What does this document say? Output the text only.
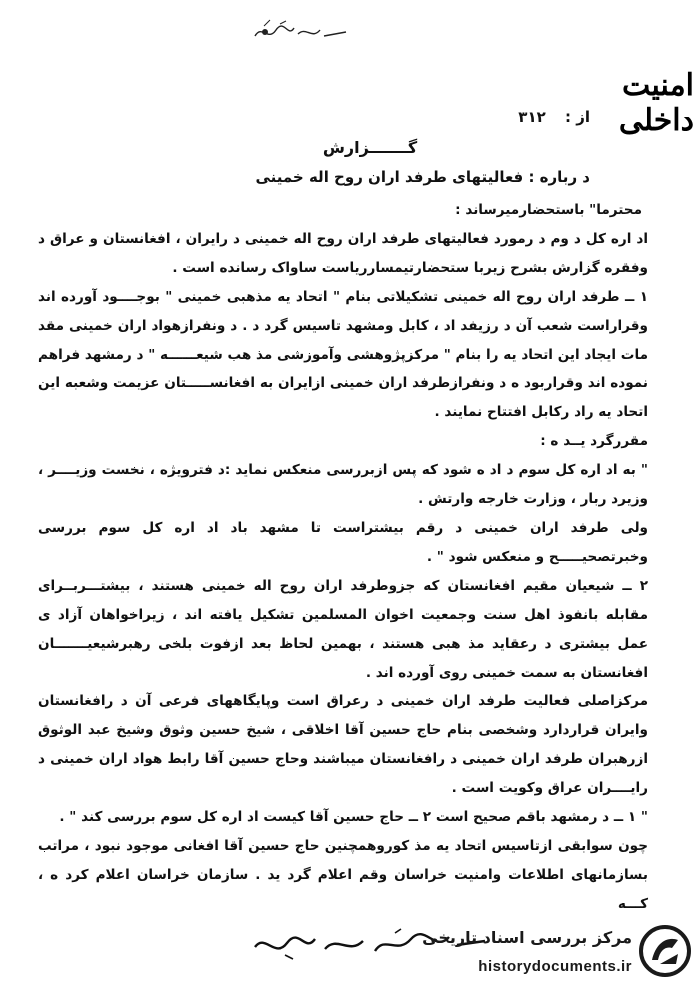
امنیت داخلی
از : ۳۱۲
گـــــــزارش
د رباره : فعالیتهای طرفد اران روح اله خمینی

محترما" باستحضارمیرساند :

اد اره کل د وم د رمورد فعالیتهای طرفد اران روح اله خمینی د رایران ، افغانستان و عراق د وفقره گزارش بشرح زیربا ستحضارتیمسارریاست ساواک رسانده است .

۱ ــ طرفد اران روح اله خمینی تشکیلاتی بنام " اتحاد یه مذهبی خمینی " بوجــــود آورده اند وقراراست شعب آن د رزیفد اد ، کابل ومشهد تاسیس گرد د . د ونفرازهواد اران خمینی مقد مات ایجاد این اتحاد یه را بنام " مرکزپژوهشی وآموزشی مذ هب شیعــــــه " د رمشهد فراهم نموده اند وقراربود ه د ونفرازطرفد اران خمینی ازایران به افغانســـــتان عزیمت وشعبه این اتحاد یه راد رکابل افتتاح نمایند .

مقررگرد یــد ه :

" به اد اره کل سوم د اد ه شود که پس ازبررسی منعکس نماید :د فترویژه ، نخست وزیــــر ، وزیرد ربار ، وزارت خارجه وارتش .

ولی طرفد اران خمینی د رقم بیشتراست تا مشهد باد اد اره کل سوم بررسی وخبرتصحیـــــح و منعکس شود " .

۲ ــ شیعیان مقیم افغانستان که جزوطرفد اران روح اله خمینی هستند ، بیشتـــربــرای مقابله بانفوذ اهل سنت وجمعیت اخوان المسلمین تشکیل یافته اند ، زیراخواهان آزاد ی عمل بیشتری د رعقاید مذ هبی هستند ، بهمین لحاظ بعد ازفوت بلخی رهبرشیعیـــــــان افغانستان به سمت خمینی روی آورده اند .

مرکزاصلی فعالیت طرفد اران خمینی د رعراق است وپایگاههای فرعی آن د رافغانستان وایران قراردارد وشخصی بنام حاج حسین آقا اخلاقی ، شیخ حسین وثوق وشیخ عبد الوثوق ازرهبران طرفد اران خمینی د رافغانستان میباشند وحاج حسین آقا رابط هواد اران خمینی د رایــــران عراق وکویت است .

" ۱ ــ د رمشهد باقم صحیح است ۲ ــ حاج حسین آقا کیست اد اره کل سوم بررسی کند " .

چون سوابقی ازتاسیس اتحاد یه مذ کوروهمچنین حاج حسین آقا افغانی موجود نبود ، مراتب بسازمانهای اطلاعات وامنیت خراسان وقم اعلام گرد ید . سازمان خراسان اعلام کرد ه ، کـــه

مرکز بررسی اسناد تاریخی
historydocuments.ir
